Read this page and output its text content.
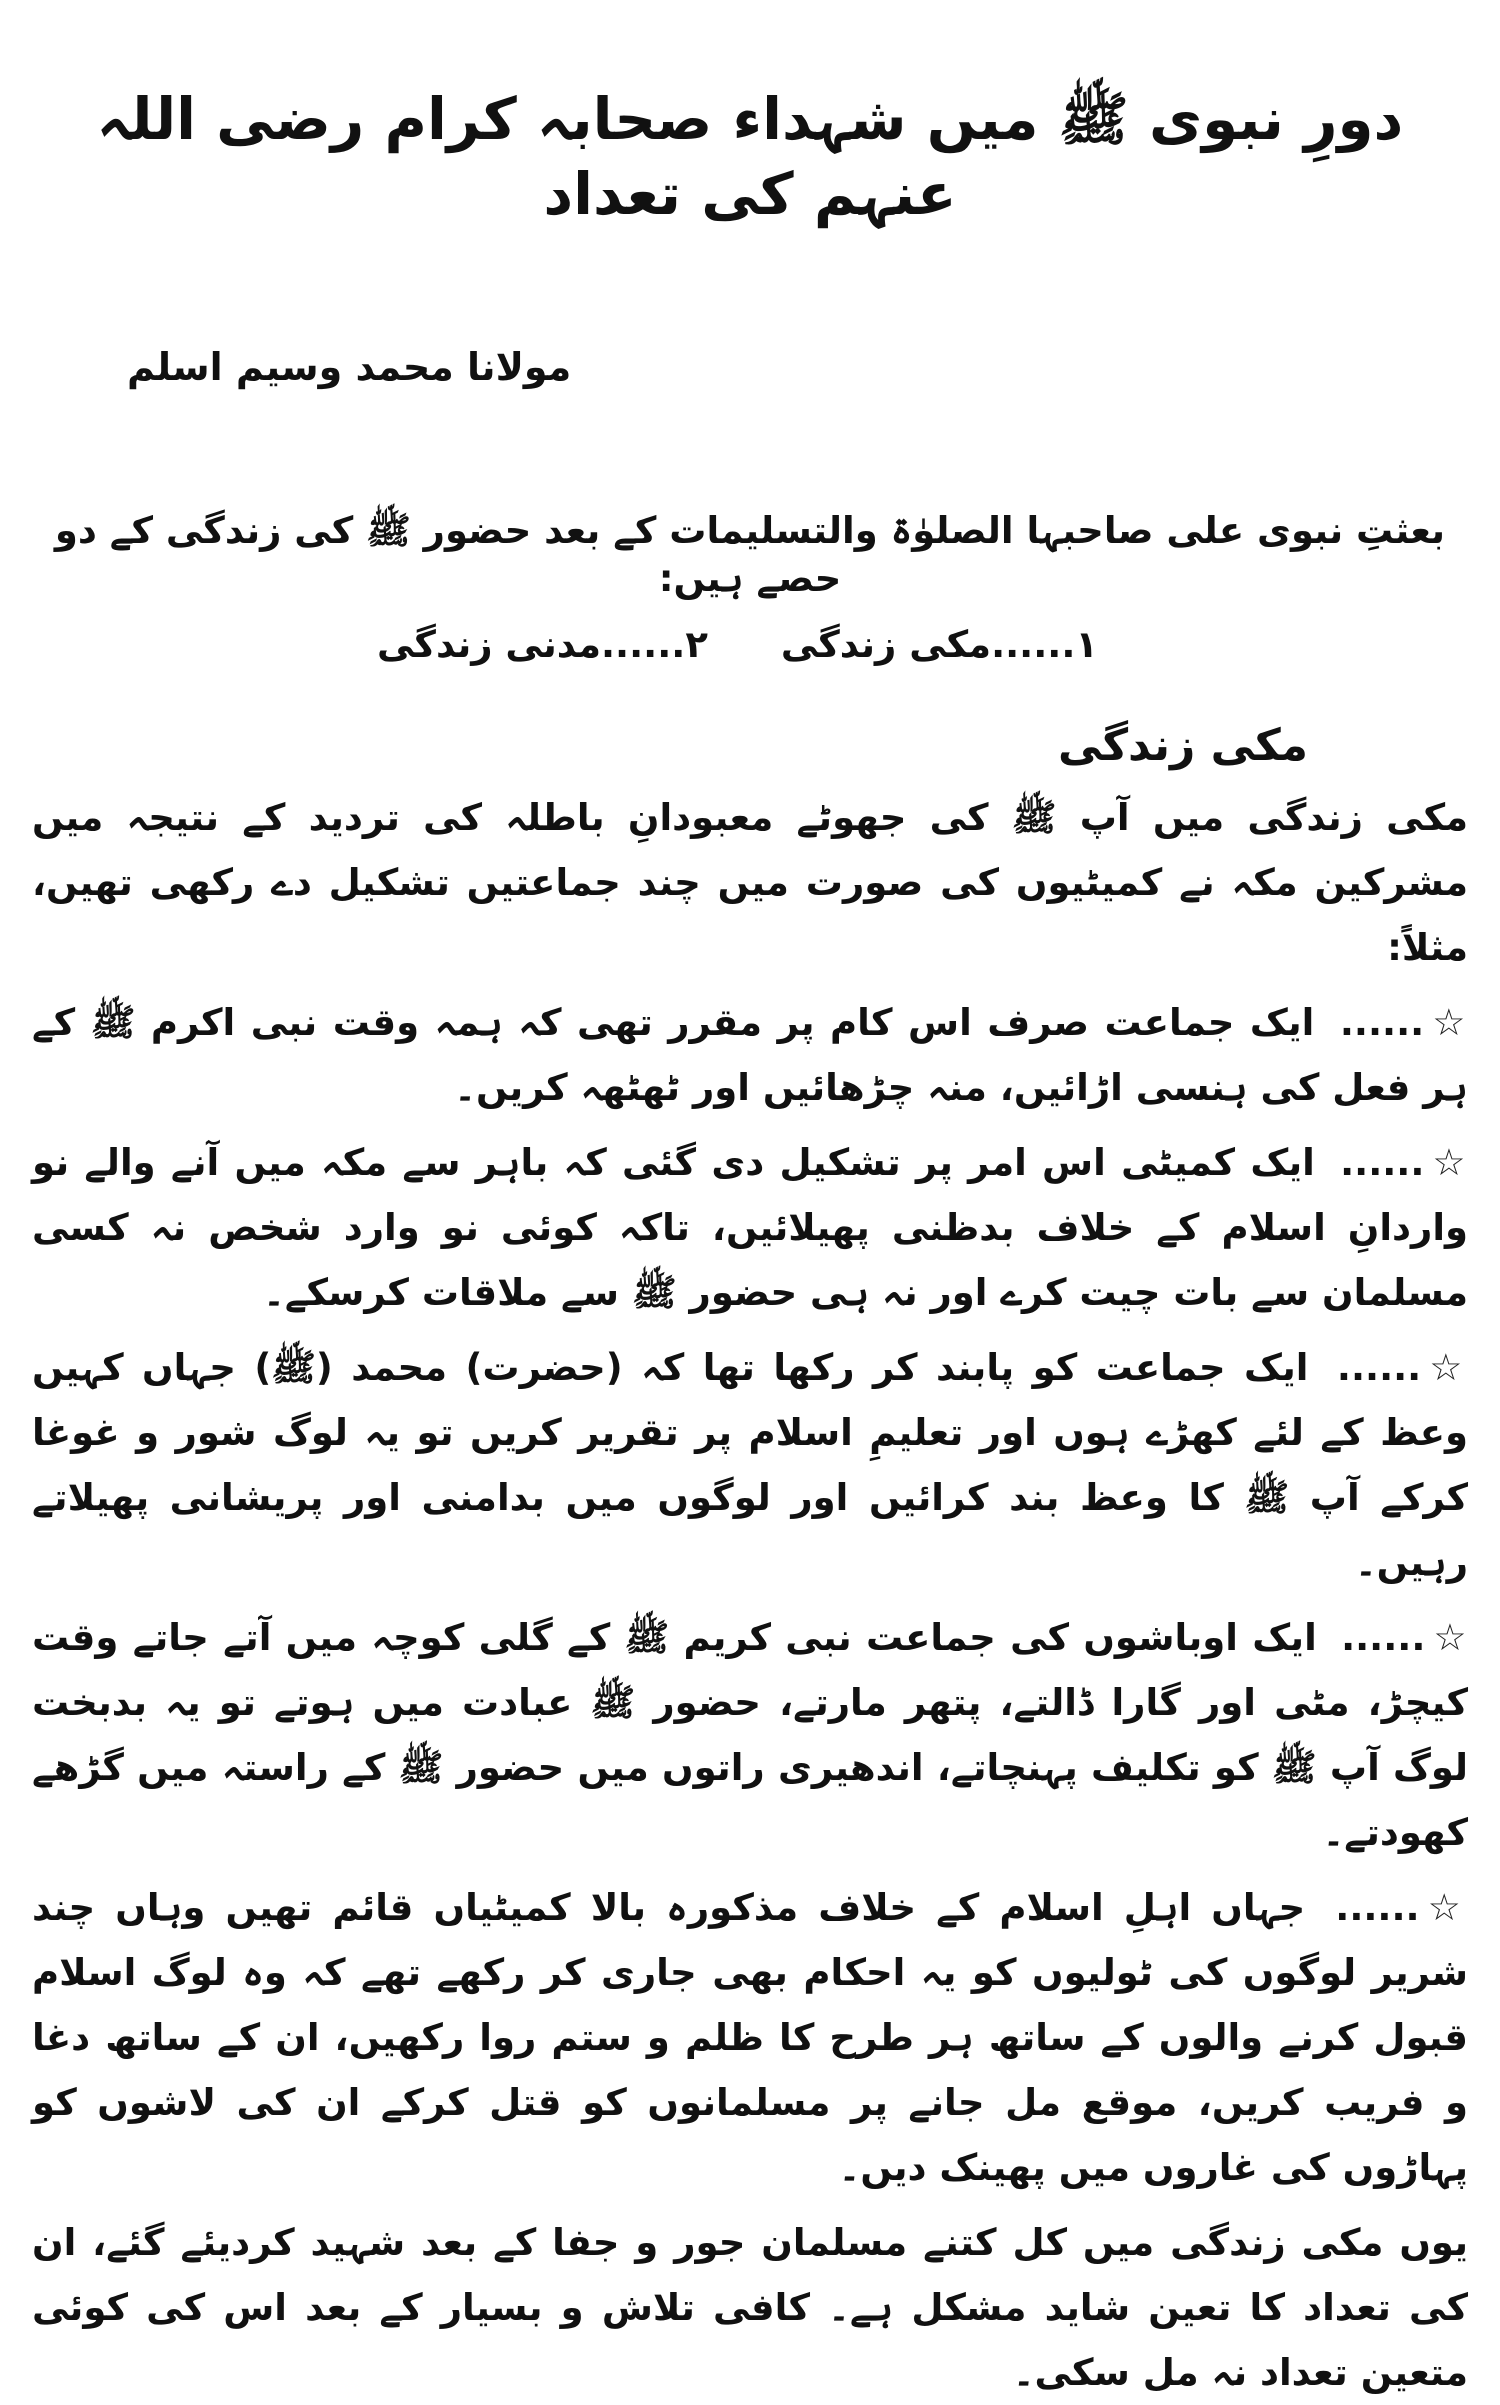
دورِ نبوی ﷺ میں شہداء صحابہ کرام رضی اللہ عنہم کی تعداد

مولانا محمد وسیم اسلم

بعثتِ نبوی علی صاحبہا الصلوٰۃ والتسلیمات کے بعد حضور ﷺ کی زندگی کے دو حصے ہیں:

۱......مکی زندگی
۲......مدنی زندگی
مکی زندگی

مکی زندگی میں آپ ﷺ کی جھوٹے معبودانِ باطلہ کی تردید کے نتیجہ میں مشرکین مکہ نے کمیٹیوں کی صورت میں چند جماعتیں تشکیل دے رکھی تھیں، مثلاً:

☆...... ایک جماعت صرف اس کام پر مقرر تھی کہ ہمہ وقت نبی اکرم ﷺ کے ہر فعل کی ہنسی اڑائیں، منہ چڑھائیں اور ٹھٹھہ کریں۔

☆...... ایک کمیٹی اس امر پر تشکیل دی گئی کہ باہر سے مکہ میں آنے والے نو واردانِ اسلام کے خلاف بدظنی پھیلائیں، تاکہ کوئی نو وارد شخص نہ کسی مسلمان سے بات چیت کرے اور نہ ہی حضور ﷺ سے ملاقات کرسکے۔

☆...... ایک جماعت کو پابند کر رکھا تھا کہ (حضرت) محمد (ﷺ) جہاں کہیں وعظ کے لئے کھڑے ہوں اور تعلیمِ اسلام پر تقریر کریں تو یہ لوگ شور و غوغا کرکے آپ ﷺ کا وعظ بند کرائیں اور لوگوں میں بدامنی اور پریشانی پھیلاتے رہیں۔

☆...... ایک اوباشوں کی جماعت نبی کریم ﷺ کے گلی کوچہ میں آتے جاتے وقت کیچڑ، مٹی اور گارا ڈالتے، پتھر مارتے، حضور ﷺ عبادت میں ہوتے تو یہ بدبخت لوگ آپ ﷺ کو تکلیف پہنچاتے، اندھیری راتوں میں حضور ﷺ کے راستہ میں گڑھے کھودتے۔

☆...... جہاں اہلِ اسلام کے خلاف مذکورہ بالا کمیٹیاں قائم تھیں وہاں چند شریر لوگوں کی ٹولیوں کو یہ احکام بھی جاری کر رکھے تھے کہ وہ لوگ اسلام قبول کرنے والوں کے ساتھ ہر طرح کا ظلم و ستم روا رکھیں، ان کے ساتھ دغا و فریب کریں، موقع مل جانے پر مسلمانوں کو قتل کرکے ان کی لاشوں کو پہاڑوں کی غاروں میں پھینک دیں۔

یوں مکی زندگی میں کل کتنے مسلمان جور و جفا کے بعد شہید کردیئے گئے، ان کی تعداد کا تعین شاید مشکل ہے۔ کافی تلاش و بسیار کے بعد اس کی کوئی متعین تعداد نہ مل سکی۔
